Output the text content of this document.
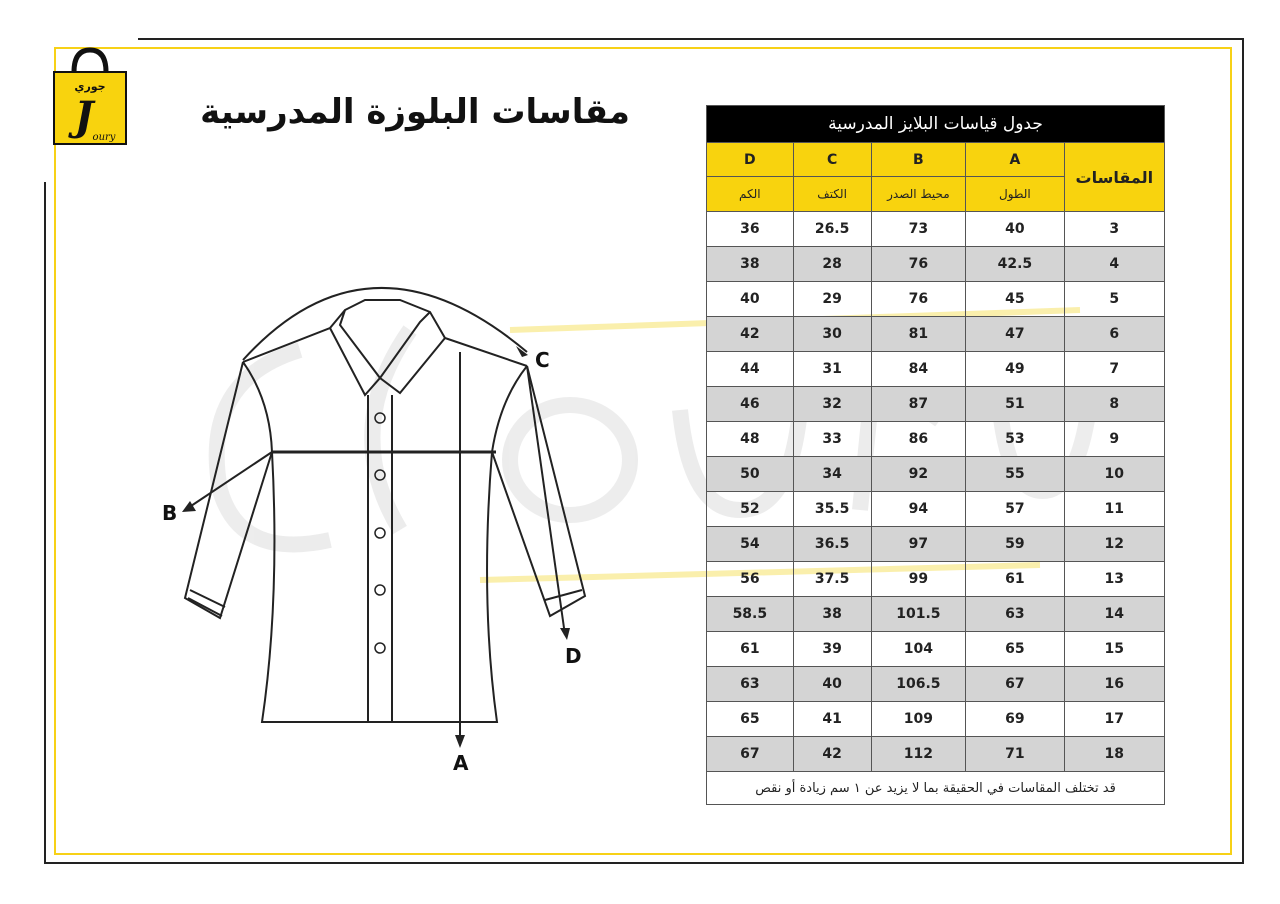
جوري
J oury
مقاسات البلوزة المدرسية
A
B
C
D
جدول قياسات البلايز المدرسية				
المقاسات	A	B	C	D
	الطول	محيط الصدر	الكتف	الكم
3	40	73	26.5	36
4	42.5	76	28	38
5	45	76	29	40
6	47	81	30	42
7	49	84	31	44
8	51	87	32	46
9	53	86	33	48
10	55	92	34	50
11	57	94	35.5	52
12	59	97	36.5	54
13	61	99	37.5	56
14	63	101.5	38	58.5
15	65	104	39	61
16	67	106.5	40	63
17	69	109	41	65
18	71	112	42	67
قد تختلف المقاسات في الحقيقة بما لا يزيد عن ١ سم زيادة أو نقص				
